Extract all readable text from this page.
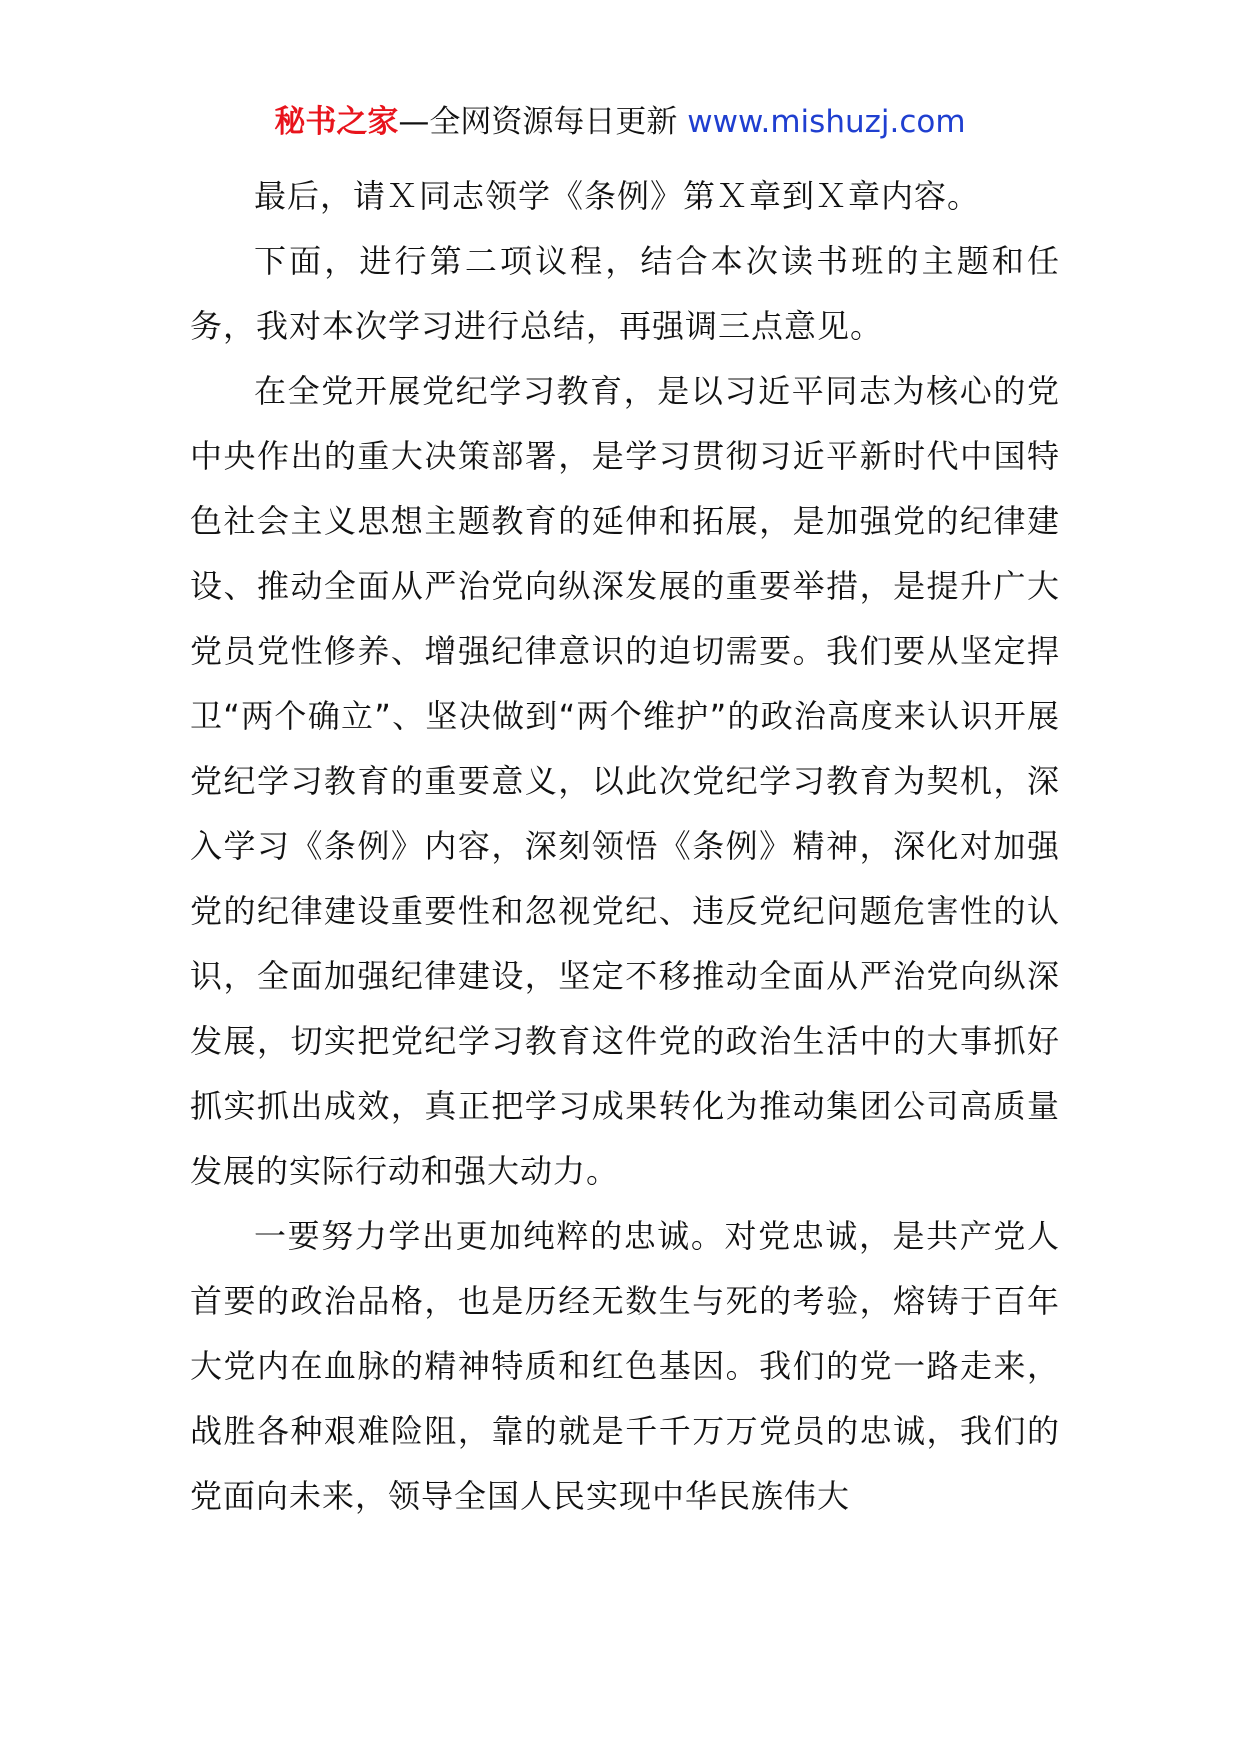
秘书之家—全网资源每日更新 www.mishuzj.com

最后，请Ｘ同志领学《条例》第Ｘ章到Ｘ章内容。

下面，进行第二项议程，结合本次读书班的主题和任务，我对本次学习进行总结，再强调三点意见。

在全党开展党纪学习教育，是以习近平同志为核心的党中央作出的重大决策部署，是学习贯彻习近平新时代中国特色社会主义思想主题教育的延伸和拓展，是加强党的纪律建设、推动全面从严治党向纵深发展的重要举措，是提升广大党员党性修养、增强纪律意识的迫切需要。我们要从坚定捍卫“两个确立”、坚决做到“两个维护”的政治高度来认识开展党纪学习教育的重要意义，以此次党纪学习教育为契机，深入学习《条例》内容，深刻领悟《条例》精神，深化对加强党的纪律建设重要性和忽视党纪、违反党纪问题危害性的认识，全面加强纪律建设，坚定不移推动全面从严治党向纵深发展，切实把党纪学习教育这件党的政治生活中的大事抓好抓实抓出成效，真正把学习成果转化为推动集团公司高质量发展的实际行动和强大动力。

一要努力学出更加纯粹的忠诚。对党忠诚，是共产党人首要的政治品格，也是历经无数生与死的考验，熔铸于百年大党内在血脉的精神特质和红色基因。我们的党一路走来，战胜各种艰难险阻，靠的就是千千万万党员的忠诚，我们的党面向未来，领导全国人民实现中华民族伟大
